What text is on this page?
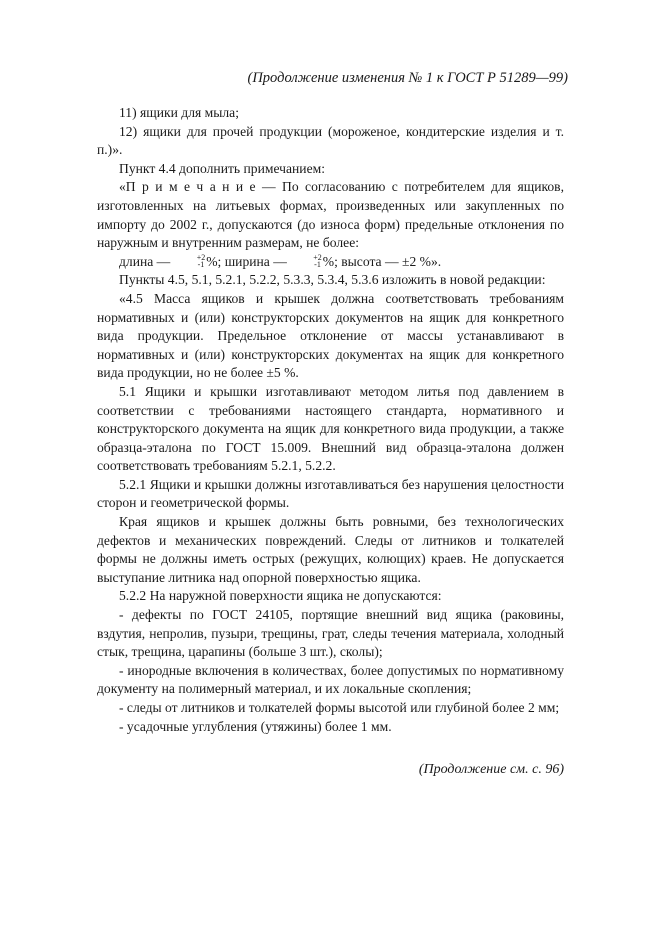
(Продолжение изменения № 1 к ГОСТ Р 51289—99)

11) ящики для мыла;

12) ящики для прочей продукции (мороженое, кондитерские изделия и т. п.)».

Пункт 4.4 дополнить примечанием:

«П р и м е ч а н и е — По согласованию с потребителем для ящиков, изготовленных на литьевых формах, произведенных или закупленных по импорту до 2002 г., допускаются (до износа форм) предельные отклонения по наружным и внутренним размерам, не более:

длина —	+2
-1 %; ширина —	+2
-1 %; высота — ±2 %».

Пункты 4.5, 5.1, 5.2.1, 5.2.2, 5.3.3, 5.3.4, 5.3.6 изложить в новой редакции:

«4.5 Масса ящиков и крышек должна соответствовать требованиям нормативных и (или) конструкторских документов на ящик для конкретного вида продукции. Предельное отклонение от массы устанавливают в нормативных и (или) конструкторских документах на ящик для конкретного вида продукции, но не более ±5 %.

5.1 Ящики и крышки изготавливают методом литья под давлением в соответствии с требованиями настоящего стандарта, нормативного и конструкторского документа на ящик для конкретного вида продукции, а также образца-эталона по ГОСТ 15.009. Внешний вид образца-эталона должен соответствовать требованиям 5.2.1, 5.2.2.

5.2.1 Ящики и крышки должны изготавливаться без нарушения целостности сторон и геометрической формы.

Края ящиков и крышек должны быть ровными, без технологических дефектов и механических повреждений. Следы от литников и толкателей формы не должны иметь острых (режущих, колющих) краев. Не допускается выступание литника над опорной поверхностью ящика.

5.2.2 На наружной поверхности ящика не допускаются:

- дефекты по ГОСТ 24105, портящие внешний вид ящика (раковины, вздутия, непролив, пузыри, трещины, грат, следы течения материала, холодный стык, трещина, царапины (больше 3 шт.), сколы);

- инородные включения в количествах, более допустимых по нормативному документу на полимерный материал, и их локальные скопления;

- следы от литников и толкателей формы высотой или глубиной более 2 мм;

- усадочные углубления (утяжины) более 1 мм.

(Продолжение см. с. 96)
